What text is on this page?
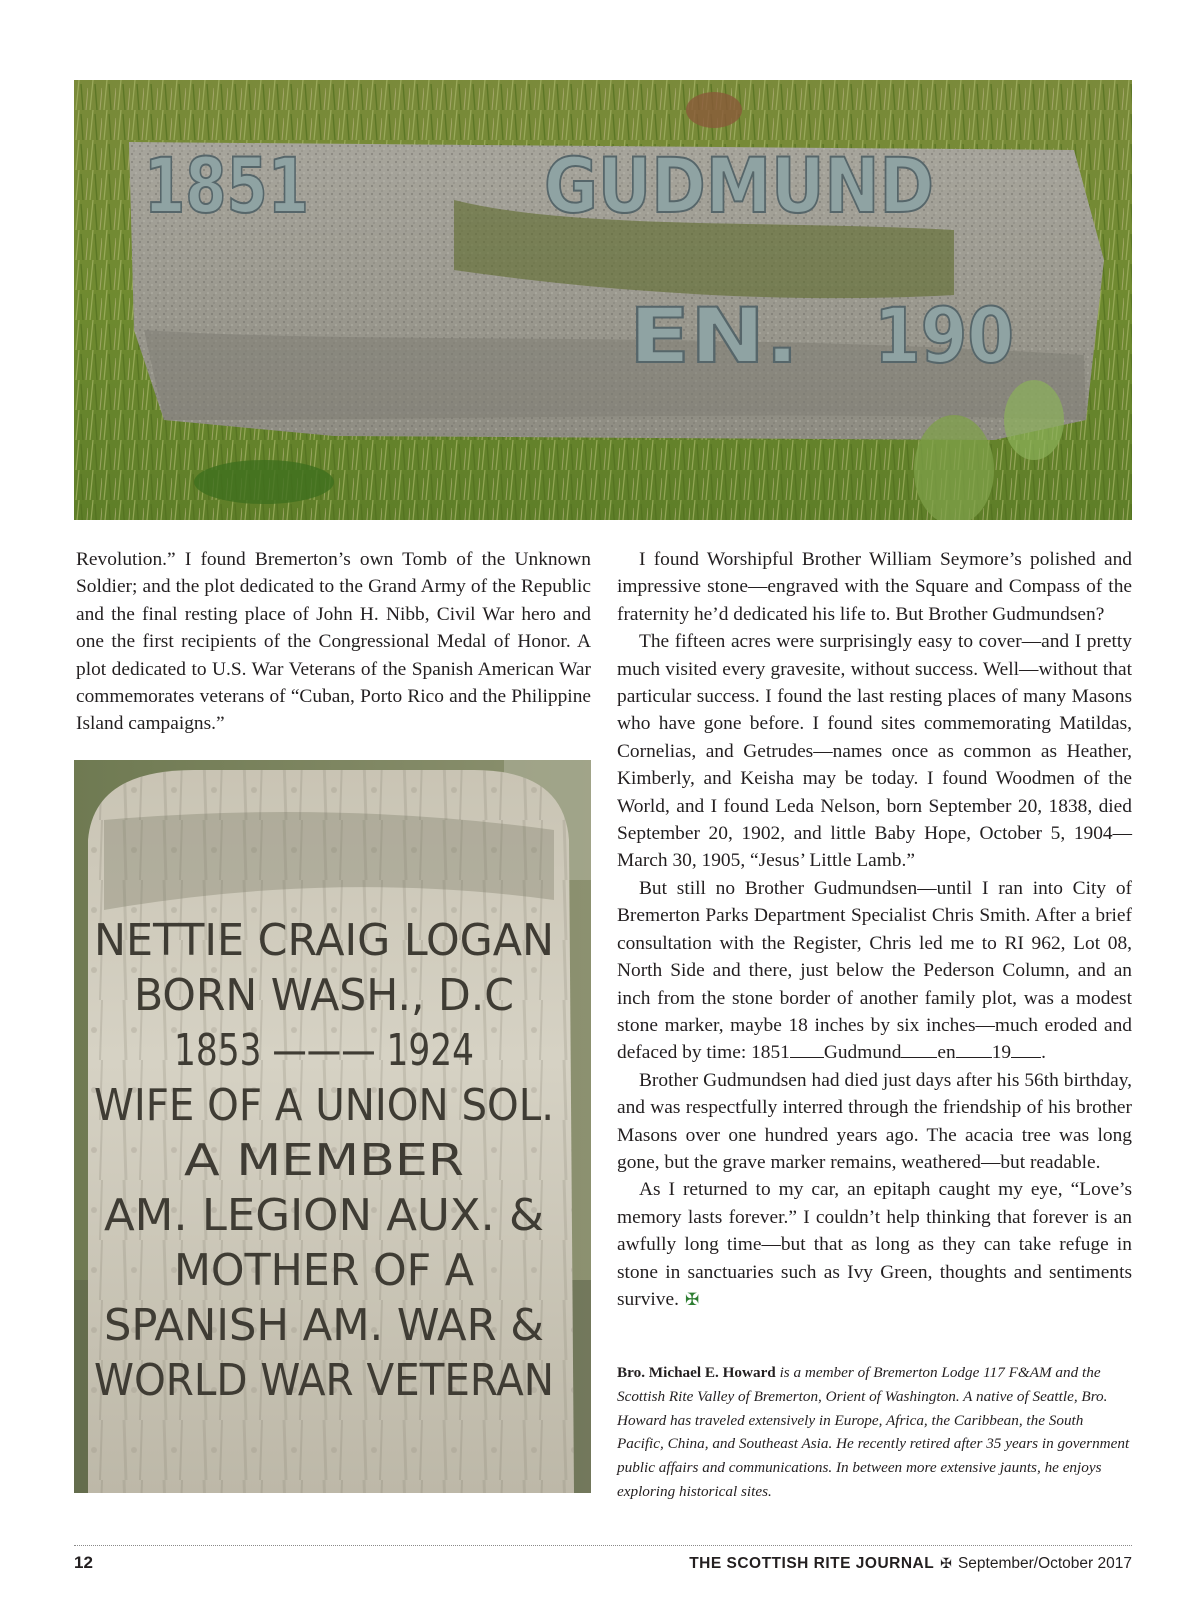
1851	GUDMUND
EN. 190

Revolution.” I found Bremerton’s own Tomb of the Unknown Soldier; and the plot dedicated to the Grand Army of the Republic and the final resting place of John H. Nibb, Civil War hero and one the first recipients of the Congressional Medal of Honor. A plot dedicated to U.S. War Veterans of the Spanish American War commemorates veterans of “Cuban, Porto Rico and the Philippine Island campaigns.”

NETTIE CRAIG LOGAN
BORN WASH., D.C
1853 ——— 1924
WIFE OF A UNION SOL.
A MEMBER
AM. LEGION AUX. &
MOTHER OF A
SPANISH AM. WAR &
WORLD WAR VETERAN

I found Worshipful Brother William Seymore’s polished and impressive stone—engraved with the Square and Compass of the fraternity he’d dedicated his life to. But Brother Gudmundsen?

The fifteen acres were surprisingly easy to cover—and I pretty much visited every gravesite, without success. Well—without that particular success. I found the last resting places of many Masons who have gone before. I found sites commemorating Matildas, Cornelias, and Getrudes—names once as common as Heather, Kimberly, and Keisha may be today. I found Woodmen of the World, and I found Leda Nelson, born September 20, 1838, died September 20, 1902, and little Baby Hope, October 5, 1904—March 30, 1905, “Jesus’ Little Lamb.”

But still no Brother Gudmundsen—until I ran into City of Bremerton Parks Department Specialist Chris Smith. After a brief consultation with the Register, Chris led me to RI 962, Lot 08, North Side and there, just below the Pederson Column, and an inch from the stone border of another family plot, was a modest stone marker, maybe 18 inches by six inches—much eroded and defaced by time: 1851 Gudmund en 19 .

Brother Gudmundsen had died just days after his 56th birthday, and was respectfully interred through the friendship of his brother Masons over one hundred years ago. The acacia tree was long gone, but the grave marker remains, weathered—but readable.

As I returned to my car, an epitaph caught my eye, “Love’s memory lasts forever.” I couldn’t help thinking that forever is an awfully long time—but that as long as they can take refuge in stone in sanctuaries such as Ivy Green, thoughts and sentiments survive. ✠

Bro. Michael E. Howard is a member of Bremerton Lodge 117 F&AM and the Scottish Rite Valley of Bremerton, Orient of Washington. A native of Seattle, Bro. Howard has traveled extensively in Europe, Africa, the Caribbean, the South Pacific, China, and Southeast Asia. He recently retired after 35 years in government public affairs and communications. In between more extensive jaunts, he enjoys exploring historical sites.
12	THE SCOTTISH RITE JOURNAL ✠ September/October 2017
